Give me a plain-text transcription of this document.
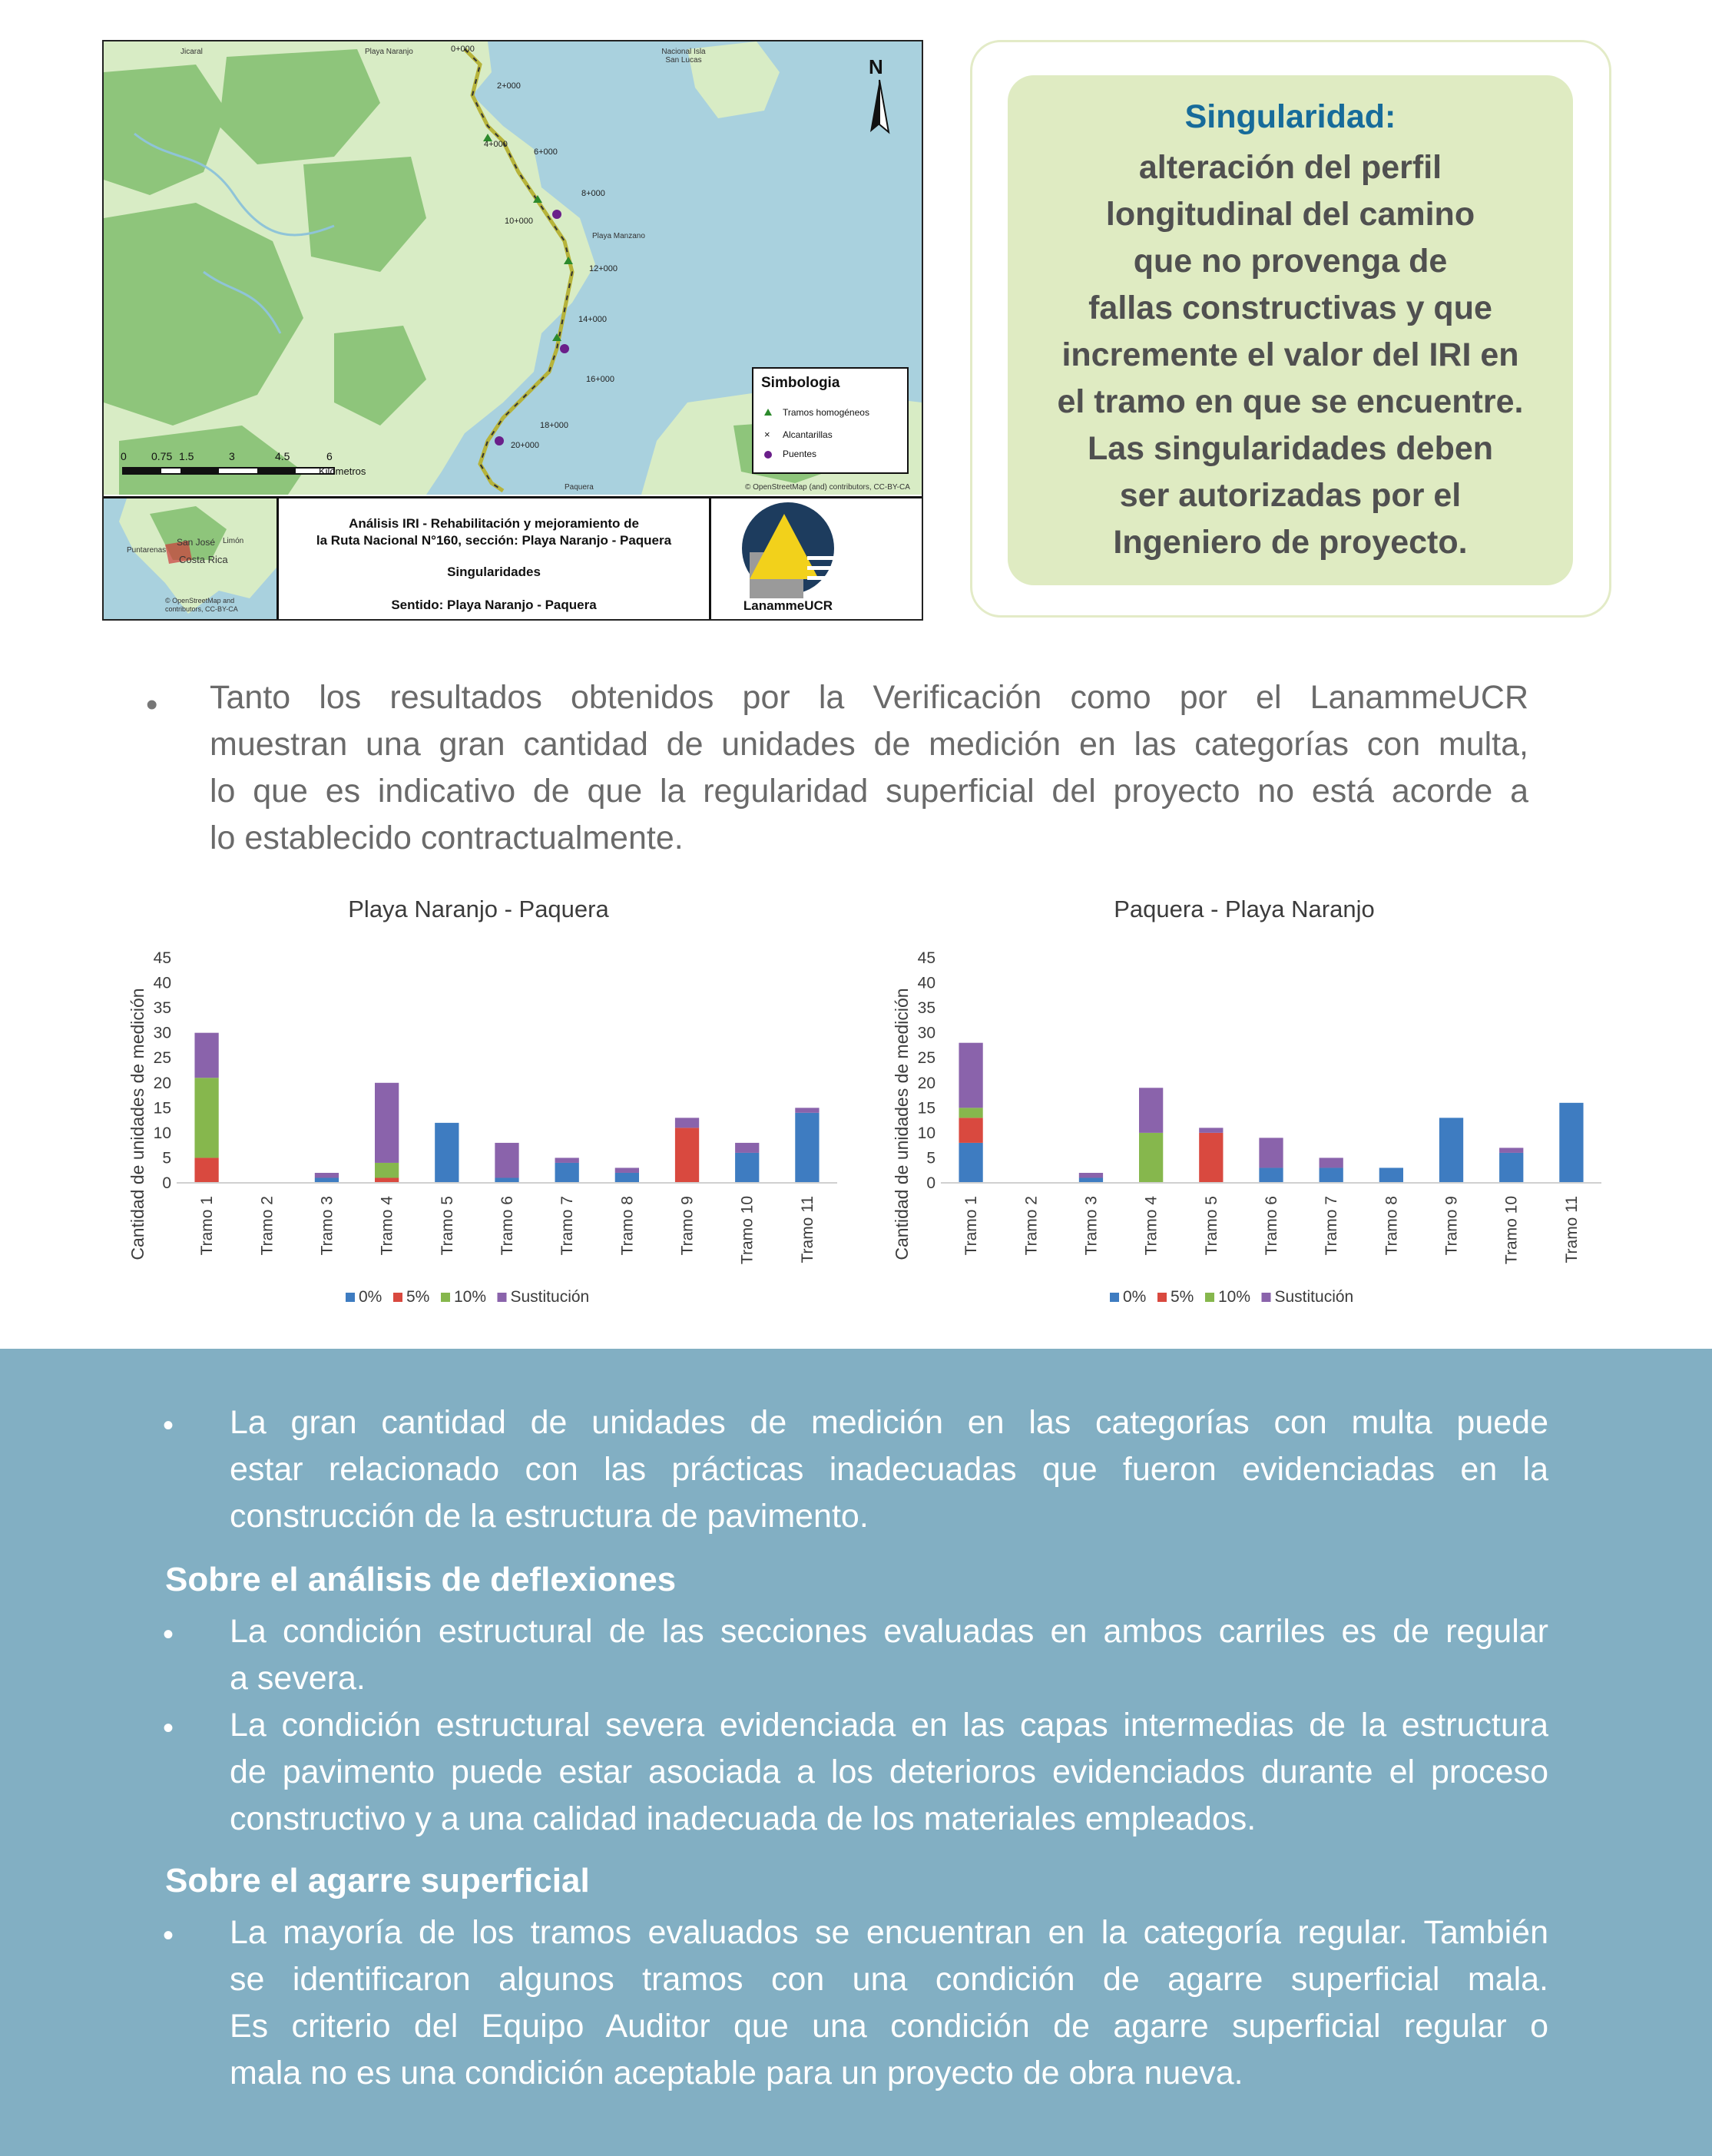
N
0 0.75 1.5	3	4.5	6
Kilómetros
0+000
2+000
4+000
6+000
8+000
10+000
12+000
14+000
16+000
18+000
20+000
Nacional Isla San Lucas
Playa Manzano
Paquera
Jicaral	Playa Naranjo
© OpenStreetMap (and) contributors, CC-BY-CA
Simbologia
Tramos homogéneos
× Alcantarillas
Puentes
San José Limón
Puntarenas
Costa Rica
© OpenStreetMap and contributors, CC-BY-CA
Análisis IRI - Rehabilitación y mejoramiento de
la Ruta Nacional N°160, sección: Playa Naranjo - Paquera
Singularidades
Sentido: Playa Naranjo - Paquera	LanammeUCR
Singularidad:
alteración del perfil
longitudinal del camino
que no provenga de
fallas constructivas y que
incremente el valor del IRI en
el tramo en que se encuentre.
Las singularidades deben
ser autorizadas por el
Ingeniero de proyecto.
• Tanto los resultados obtenidos por la Verificación como por el LanammeUCR
muestran una gran cantidad de unidades de medición en las categorías con multa,
lo que es indicativo de que la regularidad superficial del proyecto no está acorde a
lo establecido contractualmente.
Playa Naranjo - Paquera
Cantidad de unidades de medición 0
5
10
15
20
25
30
35
40
45
Tramo 1	Tramo 2	Tramo 3	Tramo 4	Tramo 5	Tramo 6	Tramo 7	Tramo 8	Tramo 9	Tramo 10	Tramo 11
0% 5% 10% Sustitución
Paquera - Playa Naranjo
Cantidad de unidades de medición 0
5
10
15
20
25
30
35
40
45
Tramo 1	Tramo 2	Tramo 3	Tramo 4	Tramo 5	Tramo 6	Tramo 7	Tramo 8	Tramo 9	Tramo 10	Tramo 11
0% 5% 10% Sustitución
• La gran cantidad de unidades de medición en las categorías con multa puede
estar relacionado con las prácticas inadecuadas que fueron evidenciadas en la
construcción de la estructura de pavimento.
Sobre el análisis de deflexiones
• La condición estructural de las secciones evaluadas en ambos carriles es de regular
a severa.
• La condición estructural severa evidenciada en las capas intermedias de la estructura
de pavimento puede estar asociada a los deterioros evidenciados durante el proceso
constructivo y a una calidad inadecuada de los materiales empleados.
Sobre el agarre superficial
• La mayoría de los tramos evaluados se encuentran en la categoría regular. También
se identificaron algunos tramos con una condición de agarre superficial mala.
Es criterio del Equipo Auditor que una condición de agarre superficial regular o
mala no es una condición aceptable para un proyecto de obra nueva.
